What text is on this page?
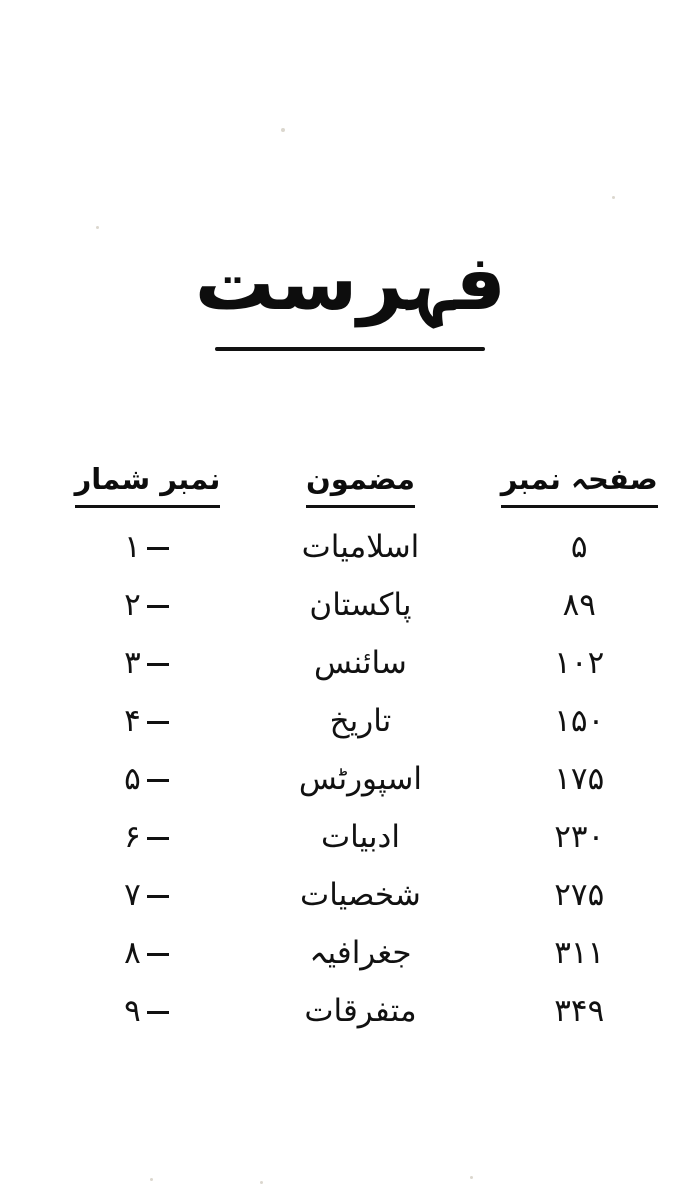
فہرست
صفحہ نمبر	مضمون	نمبر شمار
۵	اسلامیات	۱
۸۹	پاکستان	۲
۱۰۲	سائنس	۳
۱۵۰	تاریخ	۴
۱۷۵	اسپورٹس	۵
۲۳۰	ادبیات	۶
۲۷۵	شخصیات	۷
۳۱۱	جغرافیہ	۸
۳۴۹	متفرقات	۹
